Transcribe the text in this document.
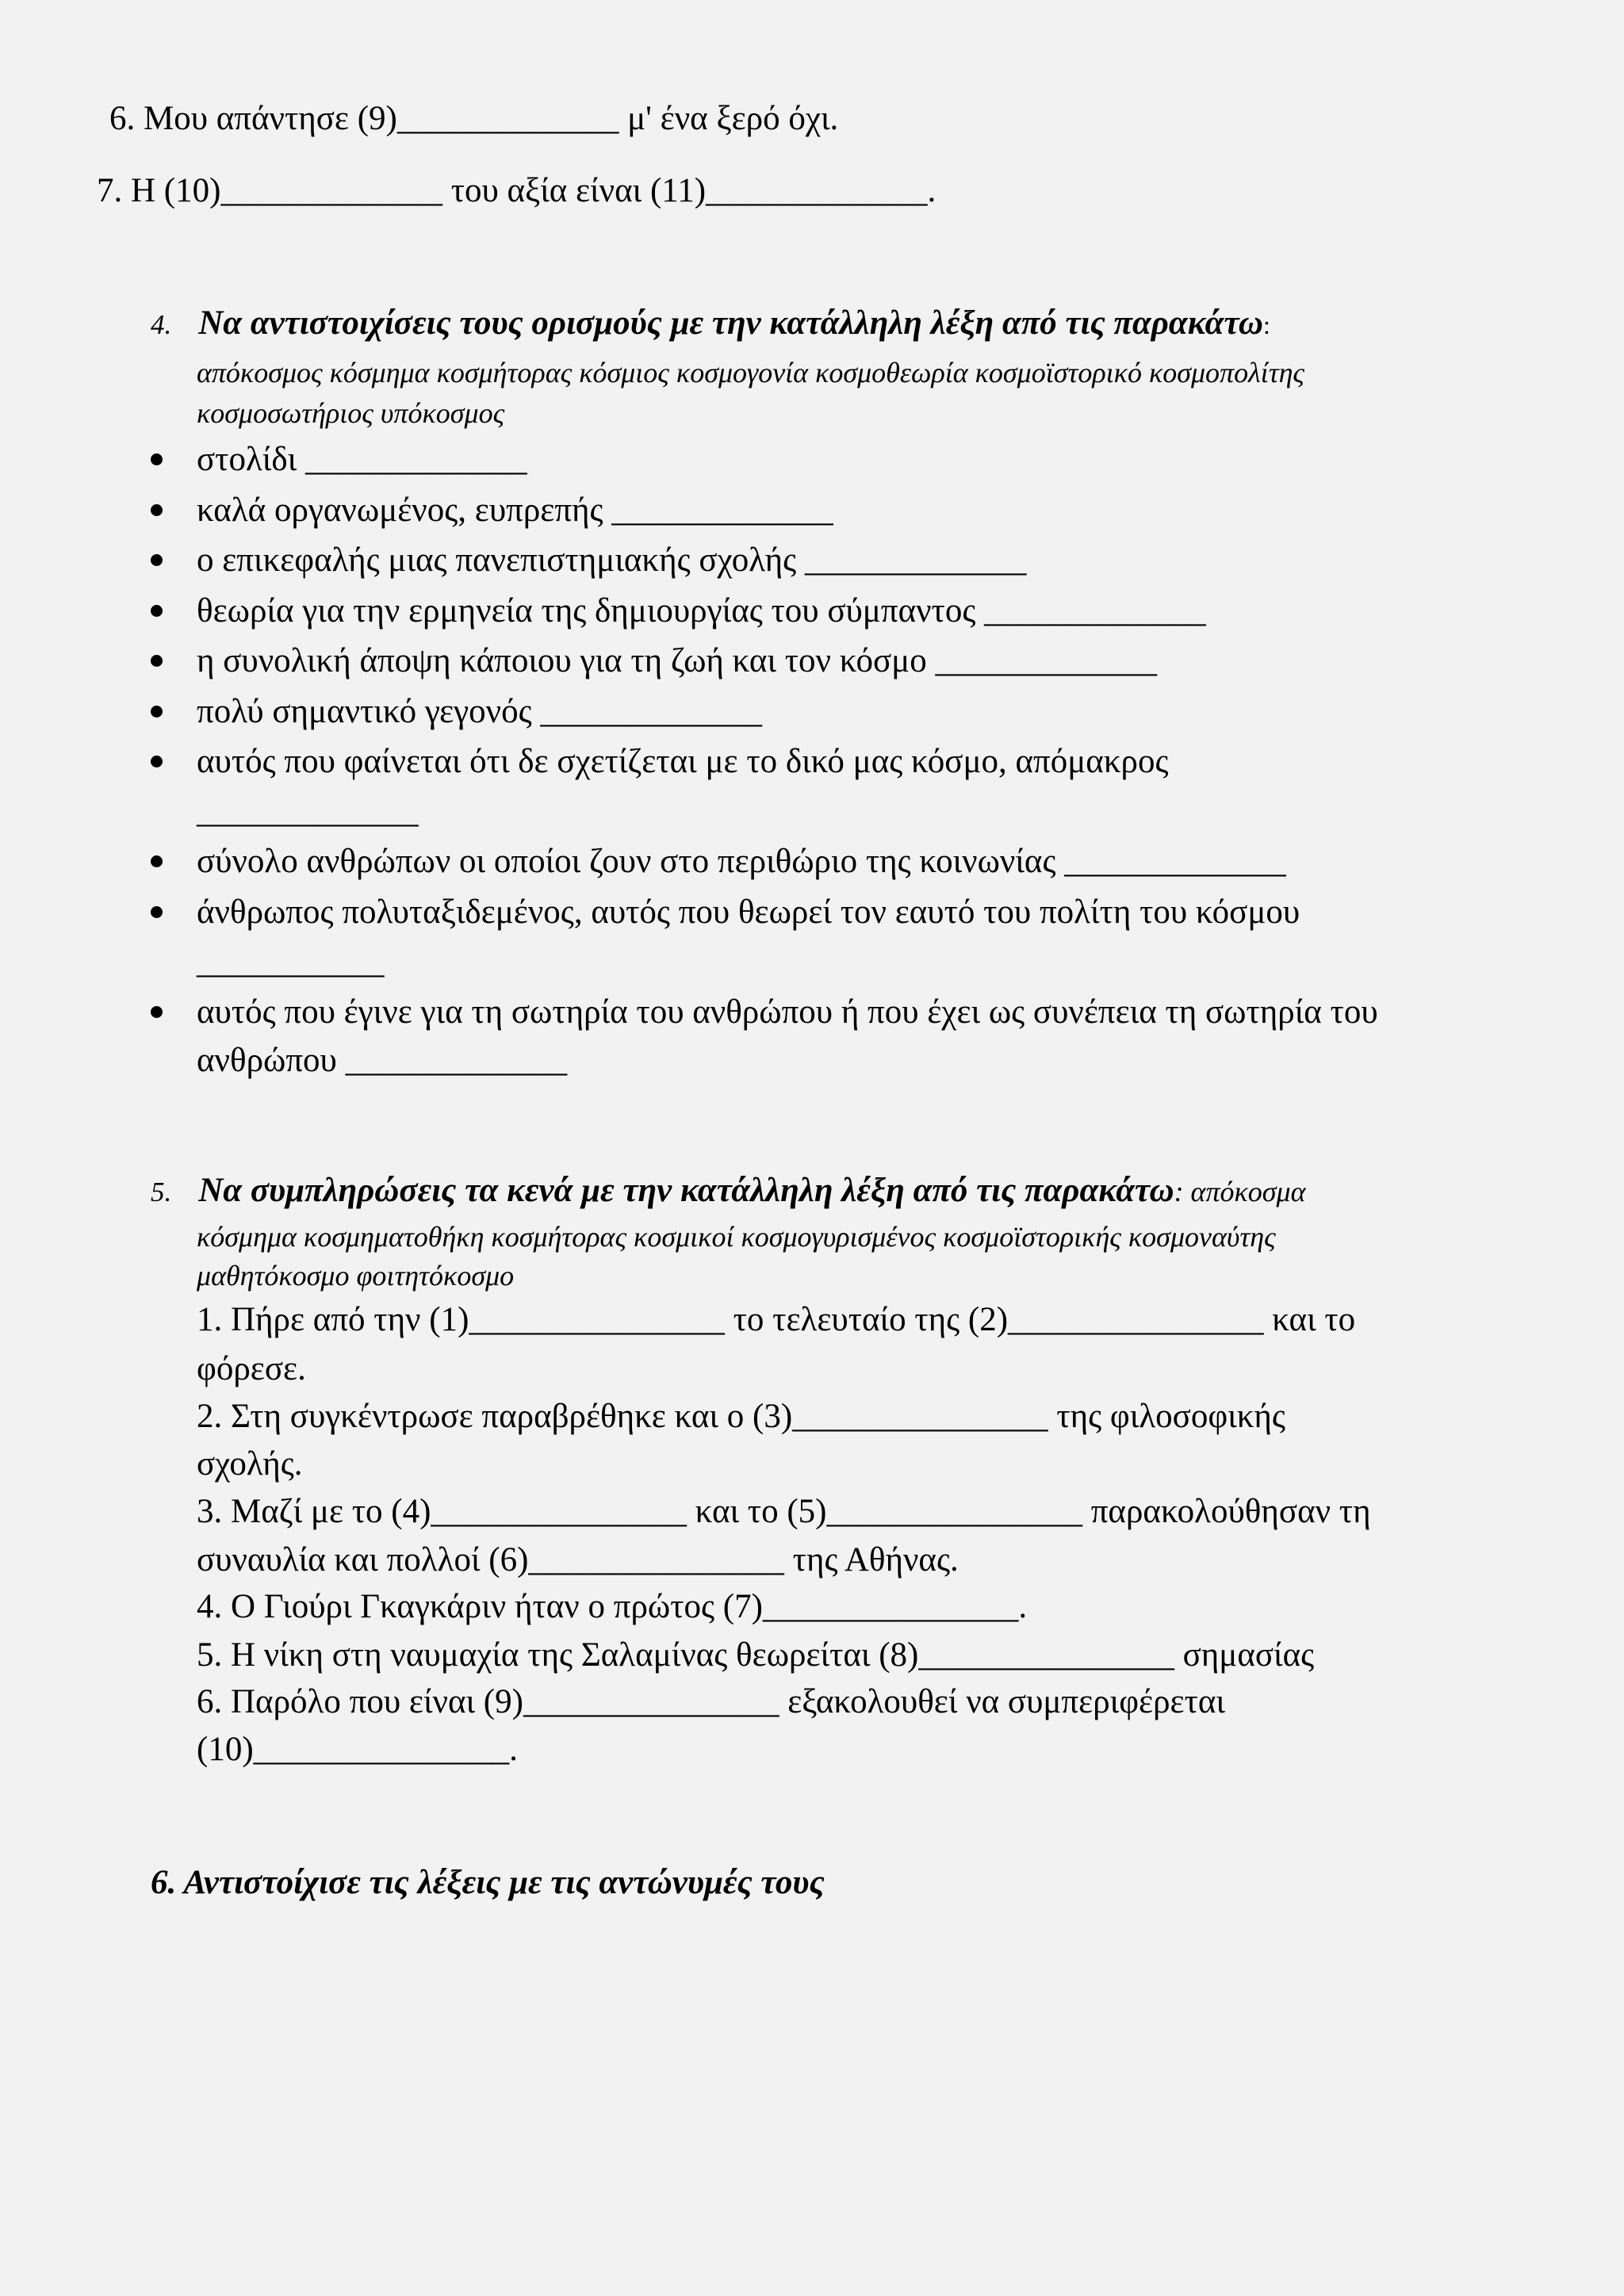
6. Μου απάντησε (9)_____________ μ' ένα ξερό όχι.
7. Η (10)_____________ του αξία είναι (11)_____________.
4. Να αντιστοιχίσεις τους ορισμούς με την κατάλληλη λέξη από τις παρακάτω:
απόκοσμος κόσμημα κοσμήτορας κόσμιος κοσμογονία κοσμοθεωρία κοσμοϊστορικό κοσμοπολίτης
κοσμοσωτήριος υπόκοσμος
στολίδι _____________
καλά οργανωμένος, ευπρεπής _____________
ο επικεφαλής μιας πανεπιστημιακής σχολής _____________
θεωρία για την ερμηνεία της δημιουργίας του σύμπαντος _____________
η συνολική άποψη κάποιου για τη ζωή και τον κόσμο _____________
πολύ σημαντικό γεγονός _____________
αυτός που φαίνεται ότι δε σχετίζεται με το δικό μας κόσμο, απόμακρος
_____________
σύνολο ανθρώπων οι οποίοι ζουν στο περιθώριο της κοινωνίας _____________
άνθρωπος πολυταξιδεμένος, αυτός που θεωρεί τον εαυτό του πολίτη του κόσμου
___________
αυτός που έγινε για τη σωτηρία του ανθρώπου ή που έχει ως συνέπεια τη σωτηρία του
ανθρώπου _____________
5. Να συμπληρώσεις τα κενά με την κατάλληλη λέξη από τις παρακάτω: απόκοσμα
κόσμημα κοσμηματοθήκη κοσμήτορας κοσμικοί κοσμογυρισμένος κοσμοϊστορικής κοσμοναύτης
μαθητόκοσμο φοιτητόκοσμο
1. Πήρε από την (1)_______________ το τελευταίο της (2)_______________ και το
φόρεσε.
2. Στη συγκέντρωσε παραβρέθηκε και ο (3)_______________ της φιλοσοφικής
σχολής.
3. Μαζί με το (4)_______________ και το (5)_______________ παρακολούθησαν τη
συναυλία και πολλοί (6)_______________ της Αθήνας.
4. Ο Γιούρι Γκαγκάριν ήταν ο πρώτος (7)_______________.
5. Η νίκη στη ναυμαχία της Σαλαμίνας θεωρείται (8)_______________ σημασίας
6. Παρόλο που είναι (9)_______________ εξακολουθεί να συμπεριφέρεται
(10)_______________.
6. Αντιστοίχισε τις λέξεις με τις αντώνυμές τους
